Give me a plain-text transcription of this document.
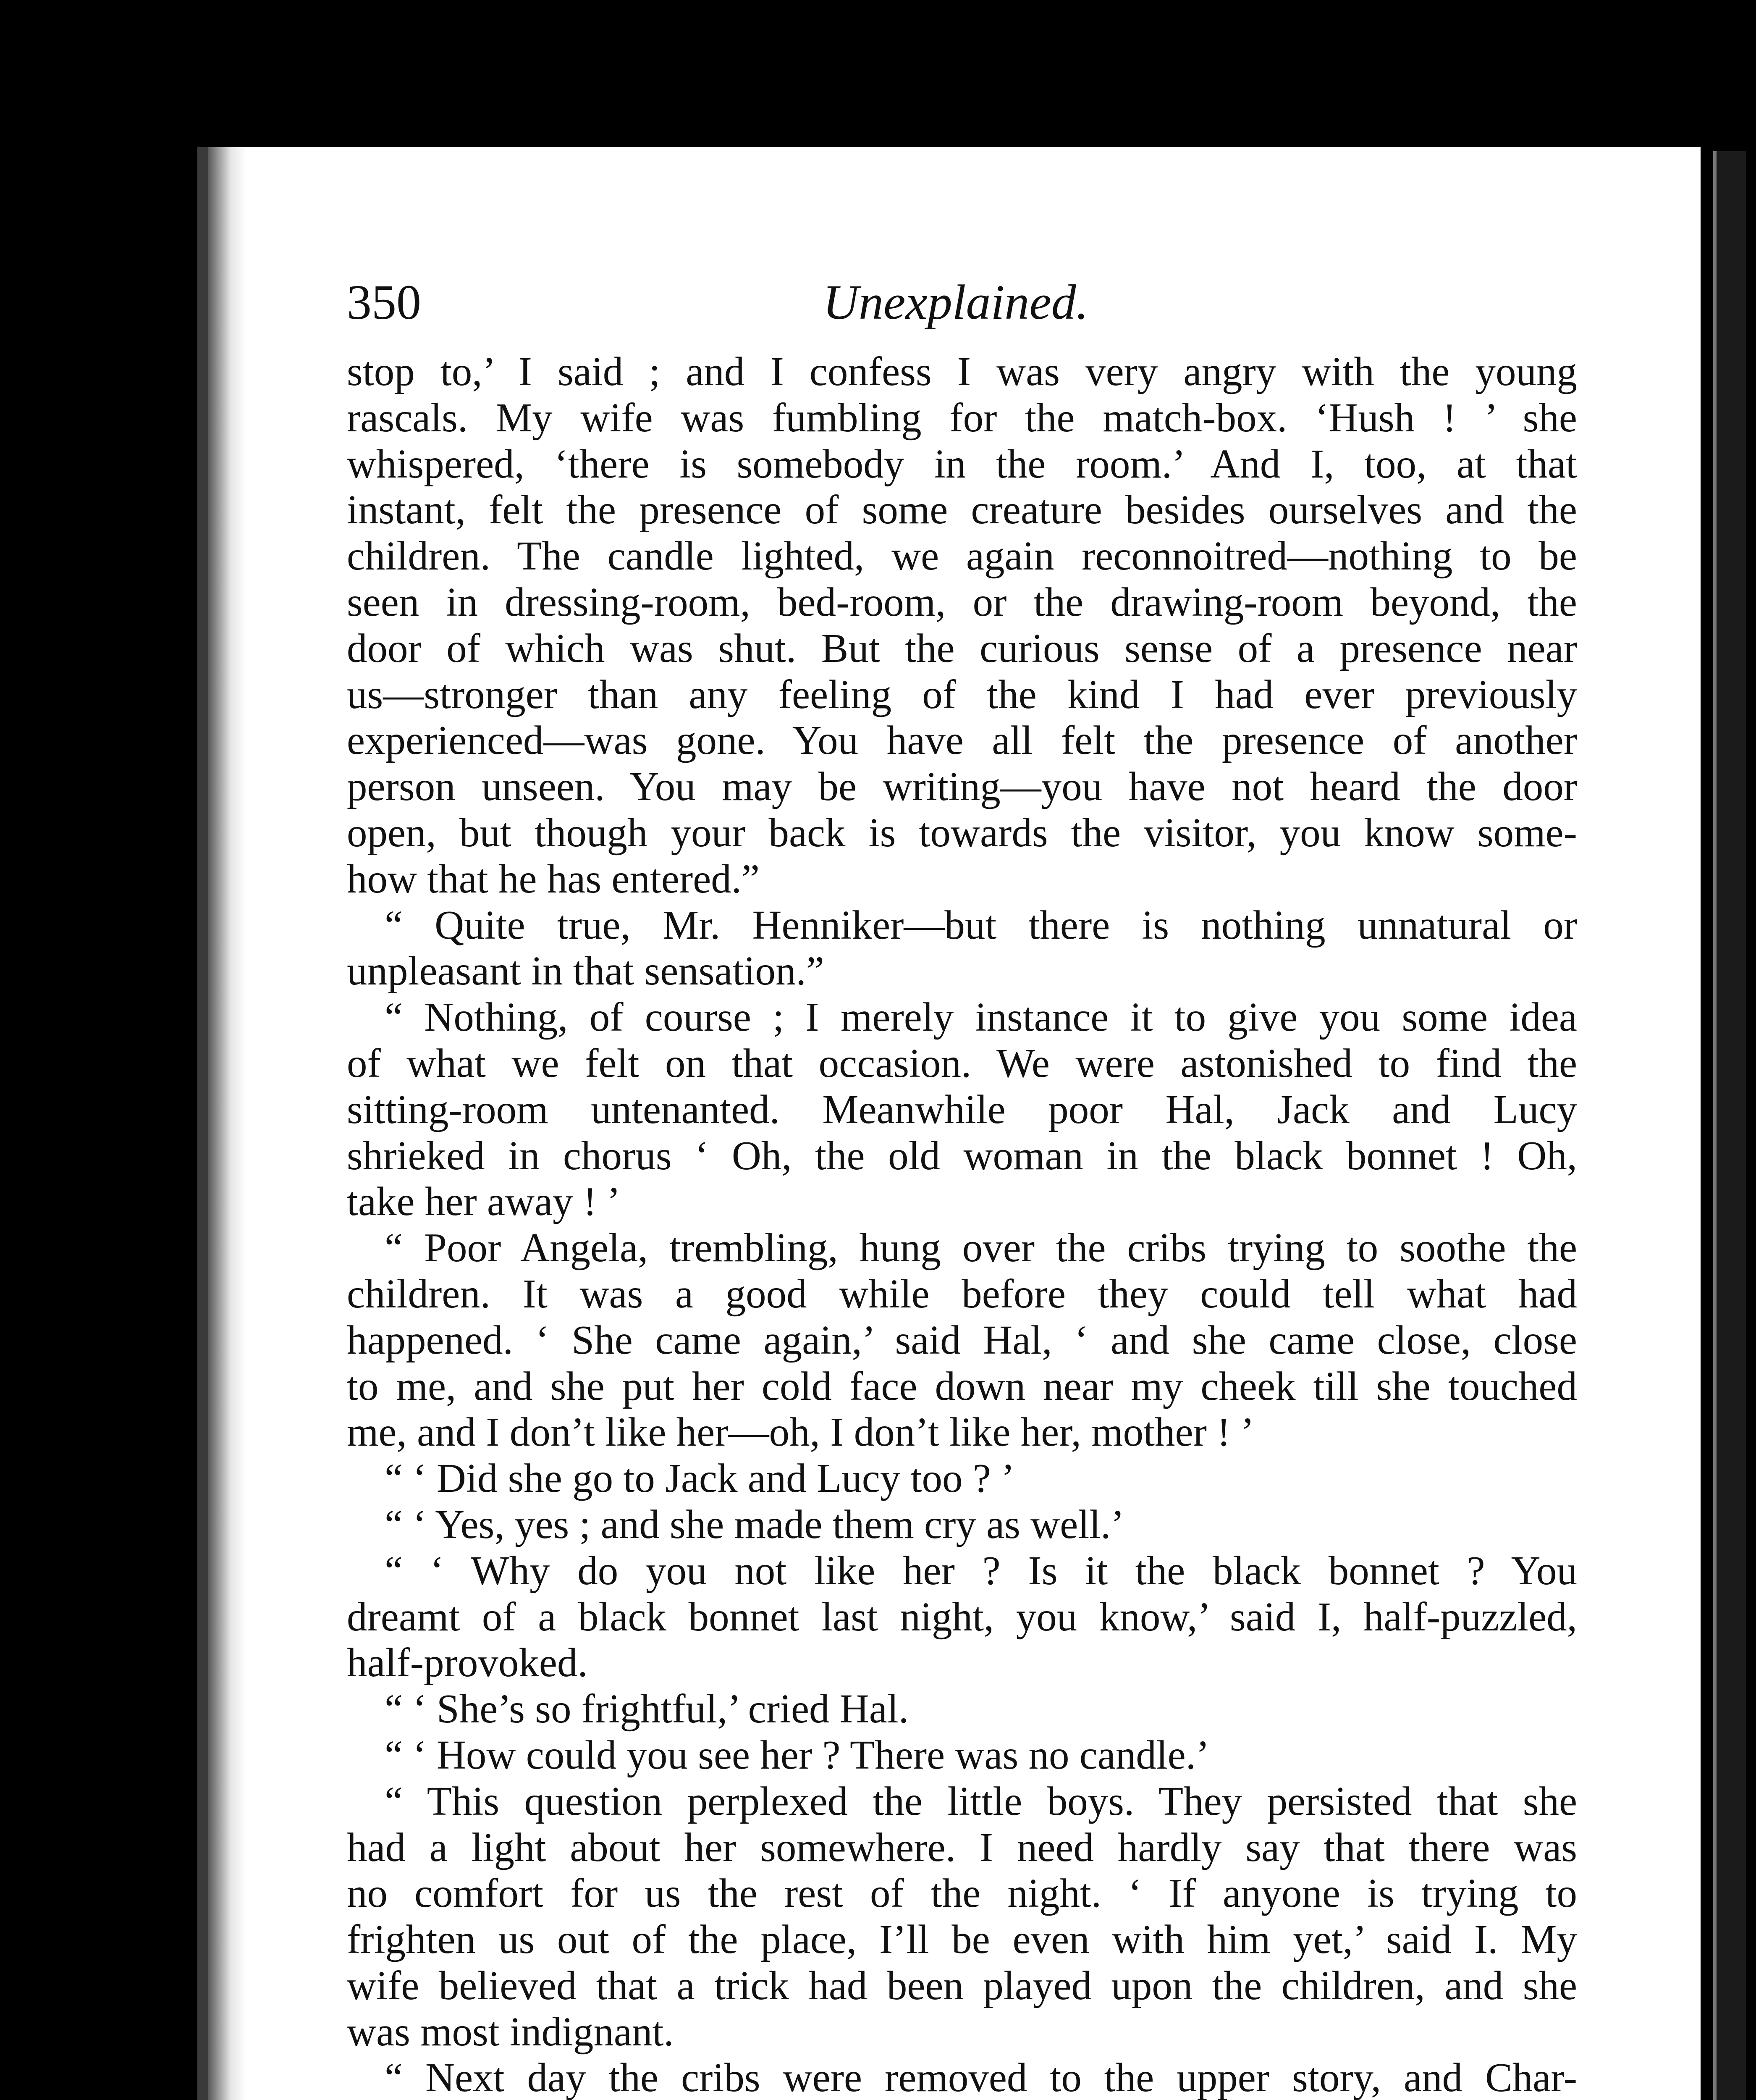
350	Unexplained.
stop to,’ I said ; and I confess I was very angry with the young
rascals. My wife was fumbling for the match-box. ‘Hush ! ’ she
whispered, ‘there is somebody in the room.’ And I, too, at that
instant, felt the presence of some creature besides ourselves and the
children. The candle lighted, we again reconnoitred—nothing to be
seen in dressing-room, bed-room, or the drawing-room beyond, the
door of which was shut. But the curious sense of a presence near
us—stronger than any feeling of the kind I had ever previously
experienced—was gone. You have all felt the presence of another
person unseen. You may be writing—you have not heard the door
open, but though your back is towards the visitor, you know some-
how that he has entered.”
“ Quite true, Mr. Henniker—but there is nothing unnatural or
unpleasant in that sensation.”
“ Nothing, of course ; I merely instance it to give you some idea
of what we felt on that occasion. We were astonished to find the
sitting-room untenanted. Meanwhile poor Hal, Jack and Lucy
shrieked in chorus ‘ Oh, the old woman in the black bonnet ! Oh,
take her away ! ’
“ Poor Angela, trembling, hung over the cribs trying to soothe the
children. It was a good while before they could tell what had
happened. ‘ She came again,’ said Hal, ‘ and she came close, close
to me, and she put her cold face down near my cheek till she touched
me, and I don’t like her—oh, I don’t like her, mother ! ’
“ ‘ Did she go to Jack and Lucy too ? ’
“ ‘ Yes, yes ; and she made them cry as well.’
“ ‘ Why do you not like her ? Is it the black bonnet ? You
dreamt of a black bonnet last night, you know,’ said I, half-puzzled,
half-provoked.
“ ‘ She’s so frightful,’ cried Hal.
“ ‘ How could you see her ? There was no candle.’
“ This question perplexed the little boys. They persisted that she
had a light about her somewhere. I need hardly say that there was
no comfort for us the rest of the night. ‘ If anyone is trying to
frighten us out of the place, I’ll be even with him yet,’ said I. My
wife believed that a trick had been played upon the children, and she
was most indignant.
“ Next day the cribs were removed to the upper story, and Char-
